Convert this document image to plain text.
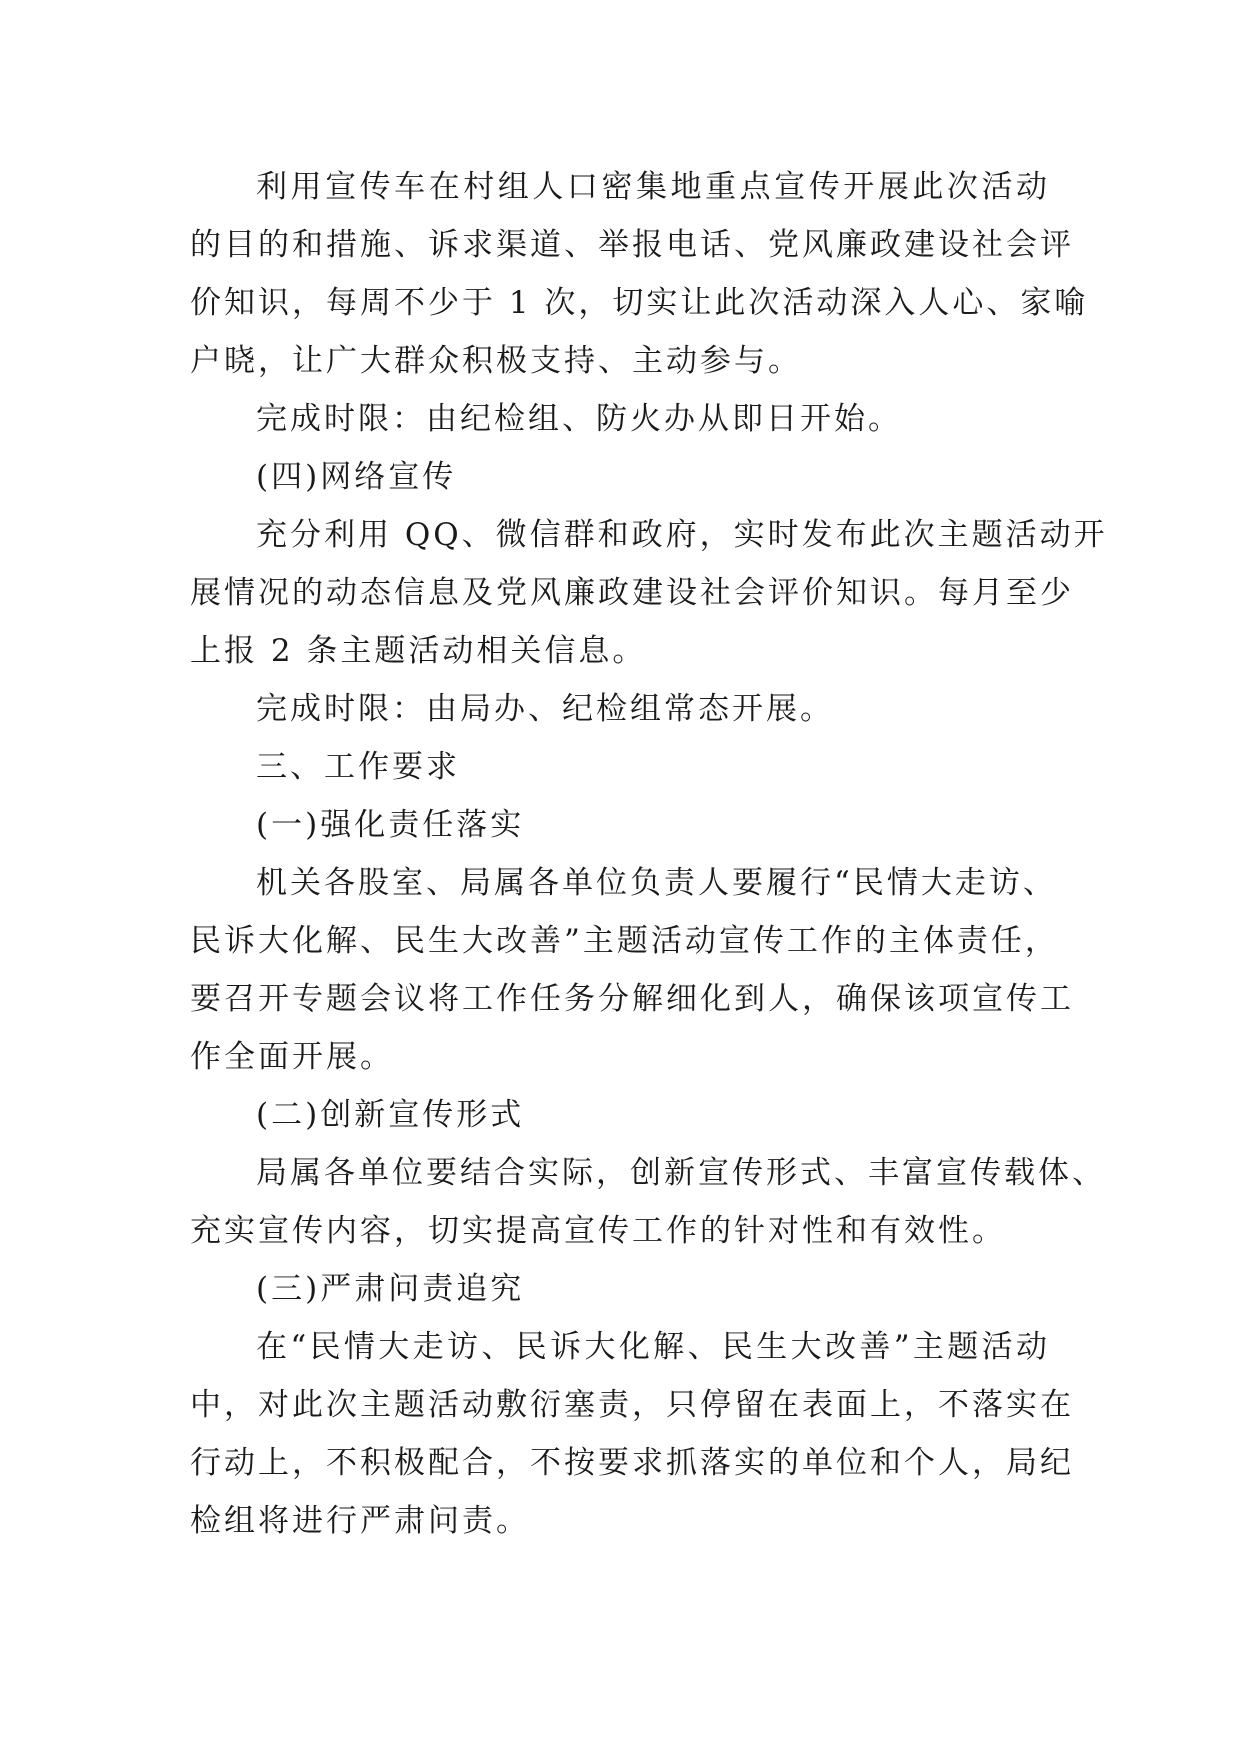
利用宣传车在村组人口密集地重点宣传开展此次活动
的目的和措施、诉求渠道、举报电话、党风廉政建设社会评
价知识，每周不少于 1 次，切实让此次活动深入人心、家喻
户晓，让广大群众积极支持、主动参与。
完成时限：由纪检组、防火办从即日开始。
(四)网络宣传
充分利用 QQ、微信群和政府，实时发布此次主题活动开
展情况的动态信息及党风廉政建设社会评价知识。每月至少
上报 2 条主题活动相关信息。
完成时限：由局办、纪检组常态开展。
三、工作要求
(一)强化责任落实
机关各股室、局属各单位负责人要履行“民情大走访、
民诉大化解、民生大改善”主题活动宣传工作的主体责任，
要召开专题会议将工作任务分解细化到人，确保该项宣传工
作全面开展。
(二)创新宣传形式
局属各单位要结合实际，创新宣传形式、丰富宣传载体、
充实宣传内容，切实提高宣传工作的针对性和有效性。
(三)严肃问责追究
在“民情大走访、民诉大化解、民生大改善”主题活动
中，对此次主题活动敷衍塞责，只停留在表面上，不落实在
行动上，不积极配合，不按要求抓落实的单位和个人，局纪
检组将进行严肃问责。
